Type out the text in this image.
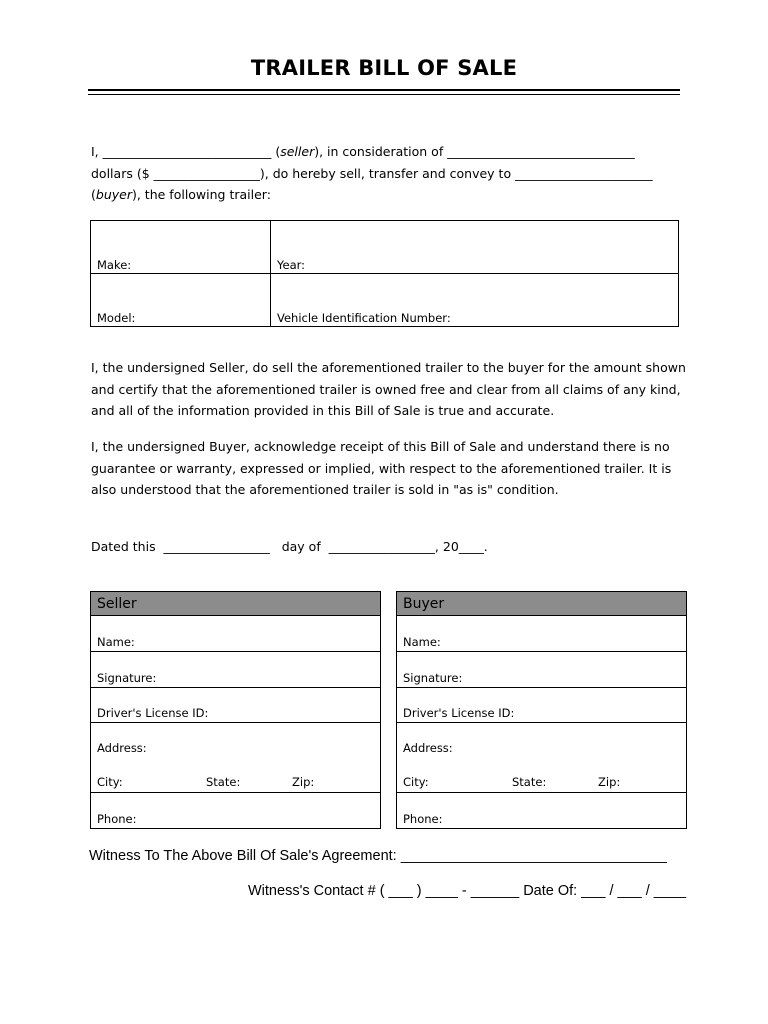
TRAILER BILL OF SALE
I, ___________________________ (seller), in consideration of ______________________________
dollars ($ _________________), do hereby sell, transfer and convey to ______________________
(buyer), the following trailer:
Make:	Year:
Model:	Vehicle Identification Number:
I, the undersigned Seller, do sell the aforementioned trailer to the buyer for the amount shown
and certify that the aforementioned trailer is owned free and clear from all claims of any kind,
and all of the information provided in this Bill of Sale is true and accurate.
I, the undersigned Buyer, acknowledge receipt of this Bill of Sale and understand there is no
guarantee or warranty, expressed or implied, with respect to the aforementioned trailer. It is
also understood that the aforementioned trailer is sold in "as is" condition.
Dated this  _________________   day of  _________________, 20____.
Seller
Name:
Signature:
Driver's License ID:
Address:
City:	State:	Zip:
Phone:
Buyer
Name:
Signature:
Driver's License ID:
Address:
City:	State:	Zip:
Phone:
Witness To The Above Bill Of Sale's Agreement: _________________________________
Witness's Contact # ( ___ ) ____ - ______ Date Of: ___ / ___ / ____
